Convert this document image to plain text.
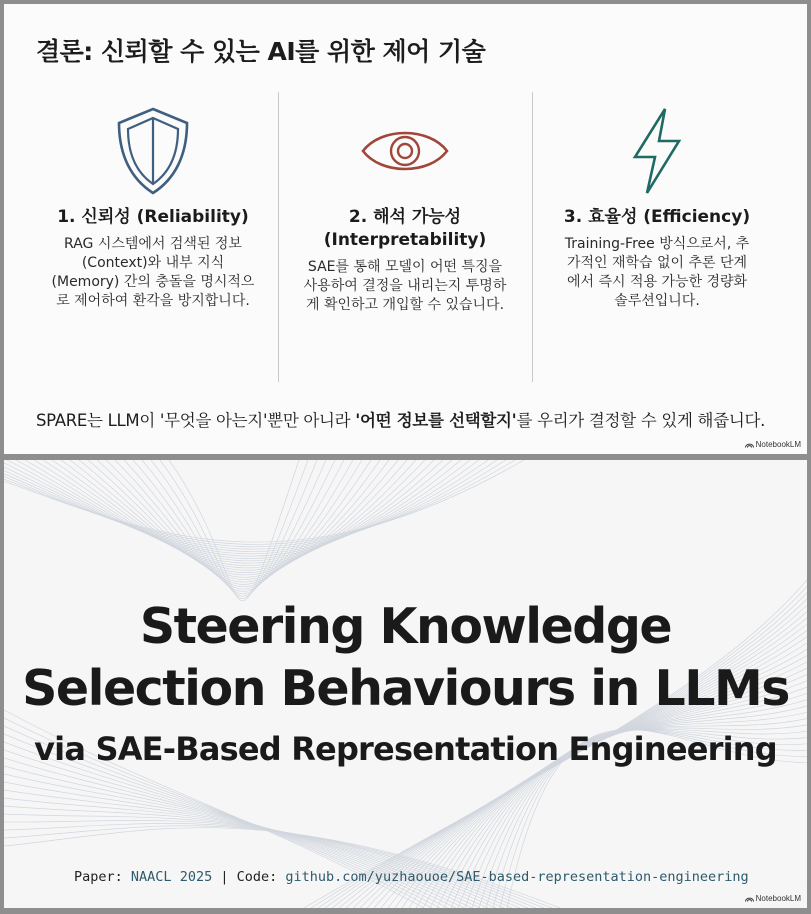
결론: 신뢰할 수 있는 AI를 위한 제어 기술
1. 신뢰성 (Reliability)

RAG 시스템에서 검색된 정보(Context)와 내부 지식(Memory) 간의 충돌을 명시적으로 제어하여 환각을 방지합니다.

2. 해석 가능성 (Interpretability)

SAE를 통해 모델이 어떤 특징을 사용하여 결정을 내리는지 투명하게 확인하고 개입할 수 있습니다.

3. 효율성 (Efficiency)

Training-Free 방식으로서, 추가적인 재학습 없이 추론 단계에서 즉시 적용 가능한 경량화 솔루션입니다.

SPARE는 LLM이 '무엇을 아는지'뿐만 아니라 '어떤 정보를 선택할지'를 우리가 결정할 수 있게 해줍니다.
NotebookLM
Steering Knowledge
Selection Behaviours in LLMs
via SAE-Based Representation Engineering
Paper: NAACL 2025 | Code: github.com/yuzhaouoe/SAE-based-representation-engineering
NotebookLM
